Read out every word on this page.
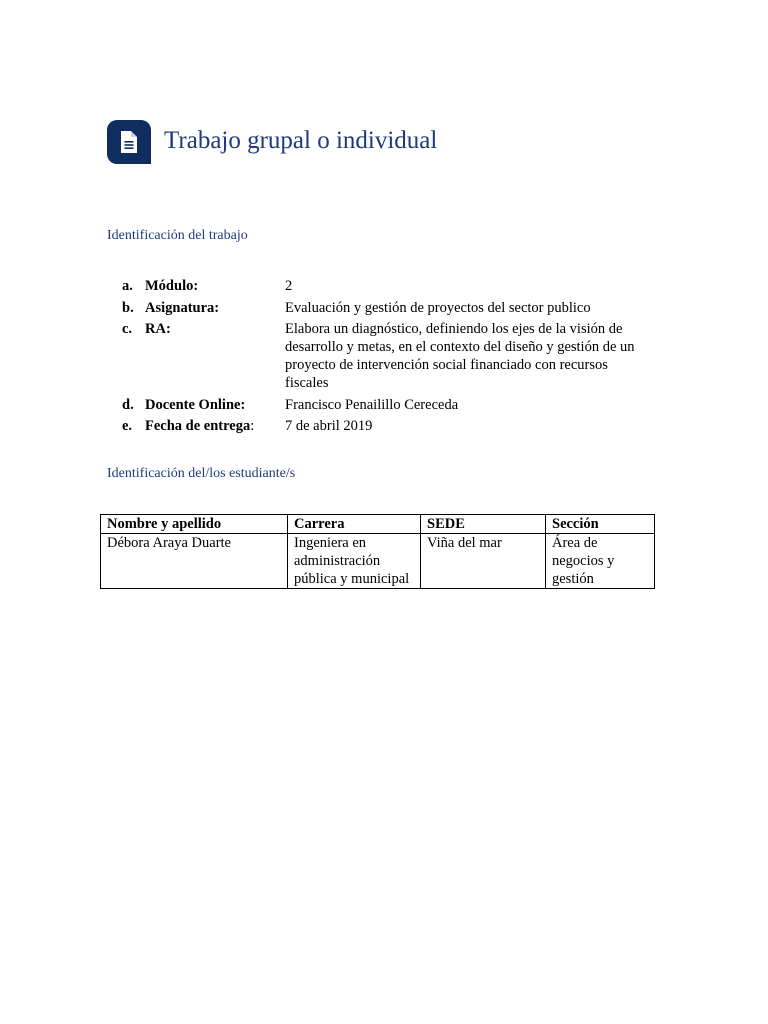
Trabajo grupal o individual
Identificación del trabajo
a. Módulo:	2
b. Asignatura:	Evaluación y gestión de proyectos del sector publico
c. RA:	Elabora un diagnóstico, definiendo los ejes de la visión de desarrollo y metas, en el contexto del diseño y gestión de un proyecto de intervención social financiado con recursos fiscales
d. Docente Online:	Francisco Penailillo Cereceda
e. Fecha de entrega:	7 de abril 2019
Identificación del/los estudiante/s
Nombre y apellido	Carrera	SEDE	Sección
Débora Araya Duarte	Ingeniera en administración pública y municipal	Viña del mar	Área de negocios y gestión
